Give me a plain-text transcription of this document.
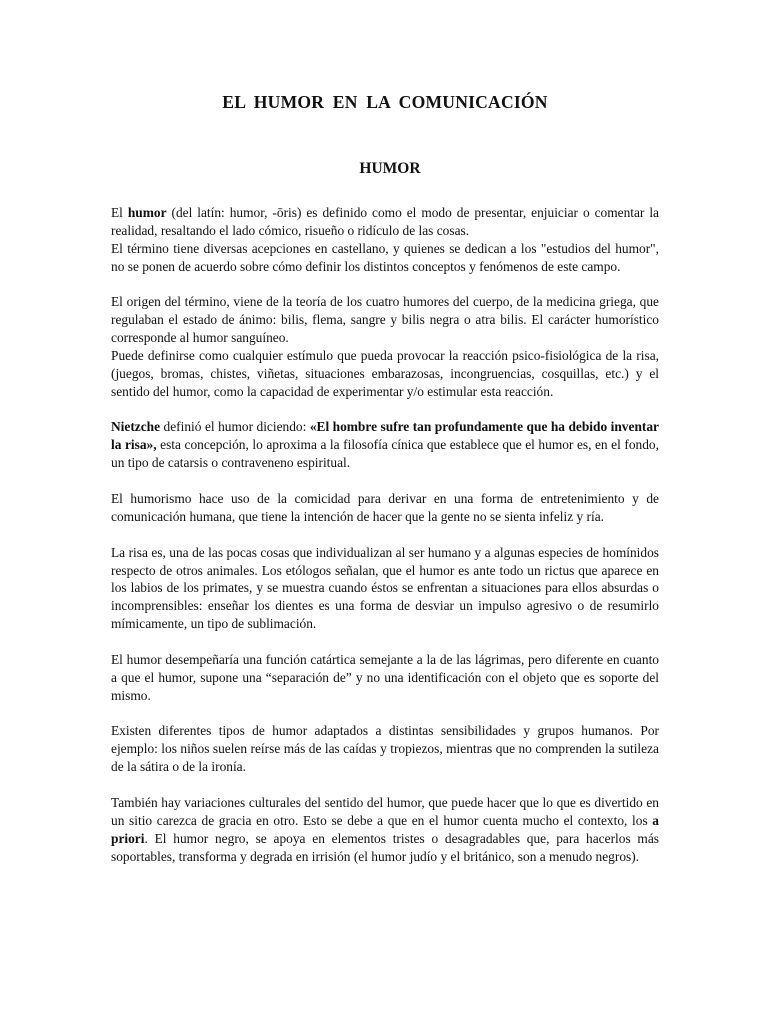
EL HUMOR EN LA COMUNICACIÓN
HUMOR

El humor (del latín: humor, -ōris) es definido como el modo de presentar, enjuiciar o comentar la realidad, resaltando el lado cómico, risueño o ridículo de las cosas.
El término tiene diversas acepciones en castellano, y quienes se dedican a los "estudios del humor", no se ponen de acuerdo sobre cómo definir los distintos conceptos y fenómenos de este campo.

El origen del término, viene de la teoría de los cuatro humores del cuerpo, de la medicina griega, que regulaban el estado de ánimo: bilis, flema, sangre y bilis negra o atra bilis. El carácter humorístico corresponde al humor sanguíneo.
Puede definirse como cualquier estímulo que pueda provocar la reacción psico-fisiológica de la risa, (juegos, bromas, chistes, viñetas, situaciones embarazosas, incongruencias, cosquillas, etc.) y el sentido del humor, como la capacidad de experimentar y/o estimular esta reacción.

Nietzche definió el humor diciendo: «El hombre sufre tan profundamente que ha debido inventar la risa», esta concepción, lo aproxima a la filosofía cínica que establece que el humor es, en el fondo, un tipo de catarsis o contraveneno espiritual.

El humorismo hace uso de la comicidad para derivar en una forma de entretenimiento y de comunicación humana, que tiene la intención de hacer que la gente no se sienta infeliz y ría.

La risa es, una de las pocas cosas que individualizan al ser humano y a algunas especies de homínidos respecto de otros animales. Los etólogos señalan, que el humor es ante todo un rictus que aparece en los labios de los primates, y se muestra cuando éstos se enfrentan a situaciones para ellos absurdas o incomprensibles: enseñar los dientes es una forma de desviar un impulso agresivo o de resumirlo mímicamente, un tipo de sublimación.

El humor desempeñaría una función catártica semejante a la de las lágrimas, pero diferente en cuanto a que el humor, supone una “separación de” y no una identificación con el objeto que es soporte del mismo.

Existen diferentes tipos de humor adaptados a distintas sensibilidades y grupos humanos. Por ejemplo: los niños suelen reírse más de las caídas y tropiezos, mientras que no comprenden la sutileza de la sátira o de la ironía.

También hay variaciones culturales del sentido del humor, que puede hacer que lo que es divertido en un sitio carezca de gracia en otro. Esto se debe a que en el humor cuenta mucho el contexto, los a priori. El humor negro, se apoya en elementos tristes o desagradables que, para hacerlos más soportables, transforma y degrada en irrisión (el humor judío y el británico, son a menudo negros).
